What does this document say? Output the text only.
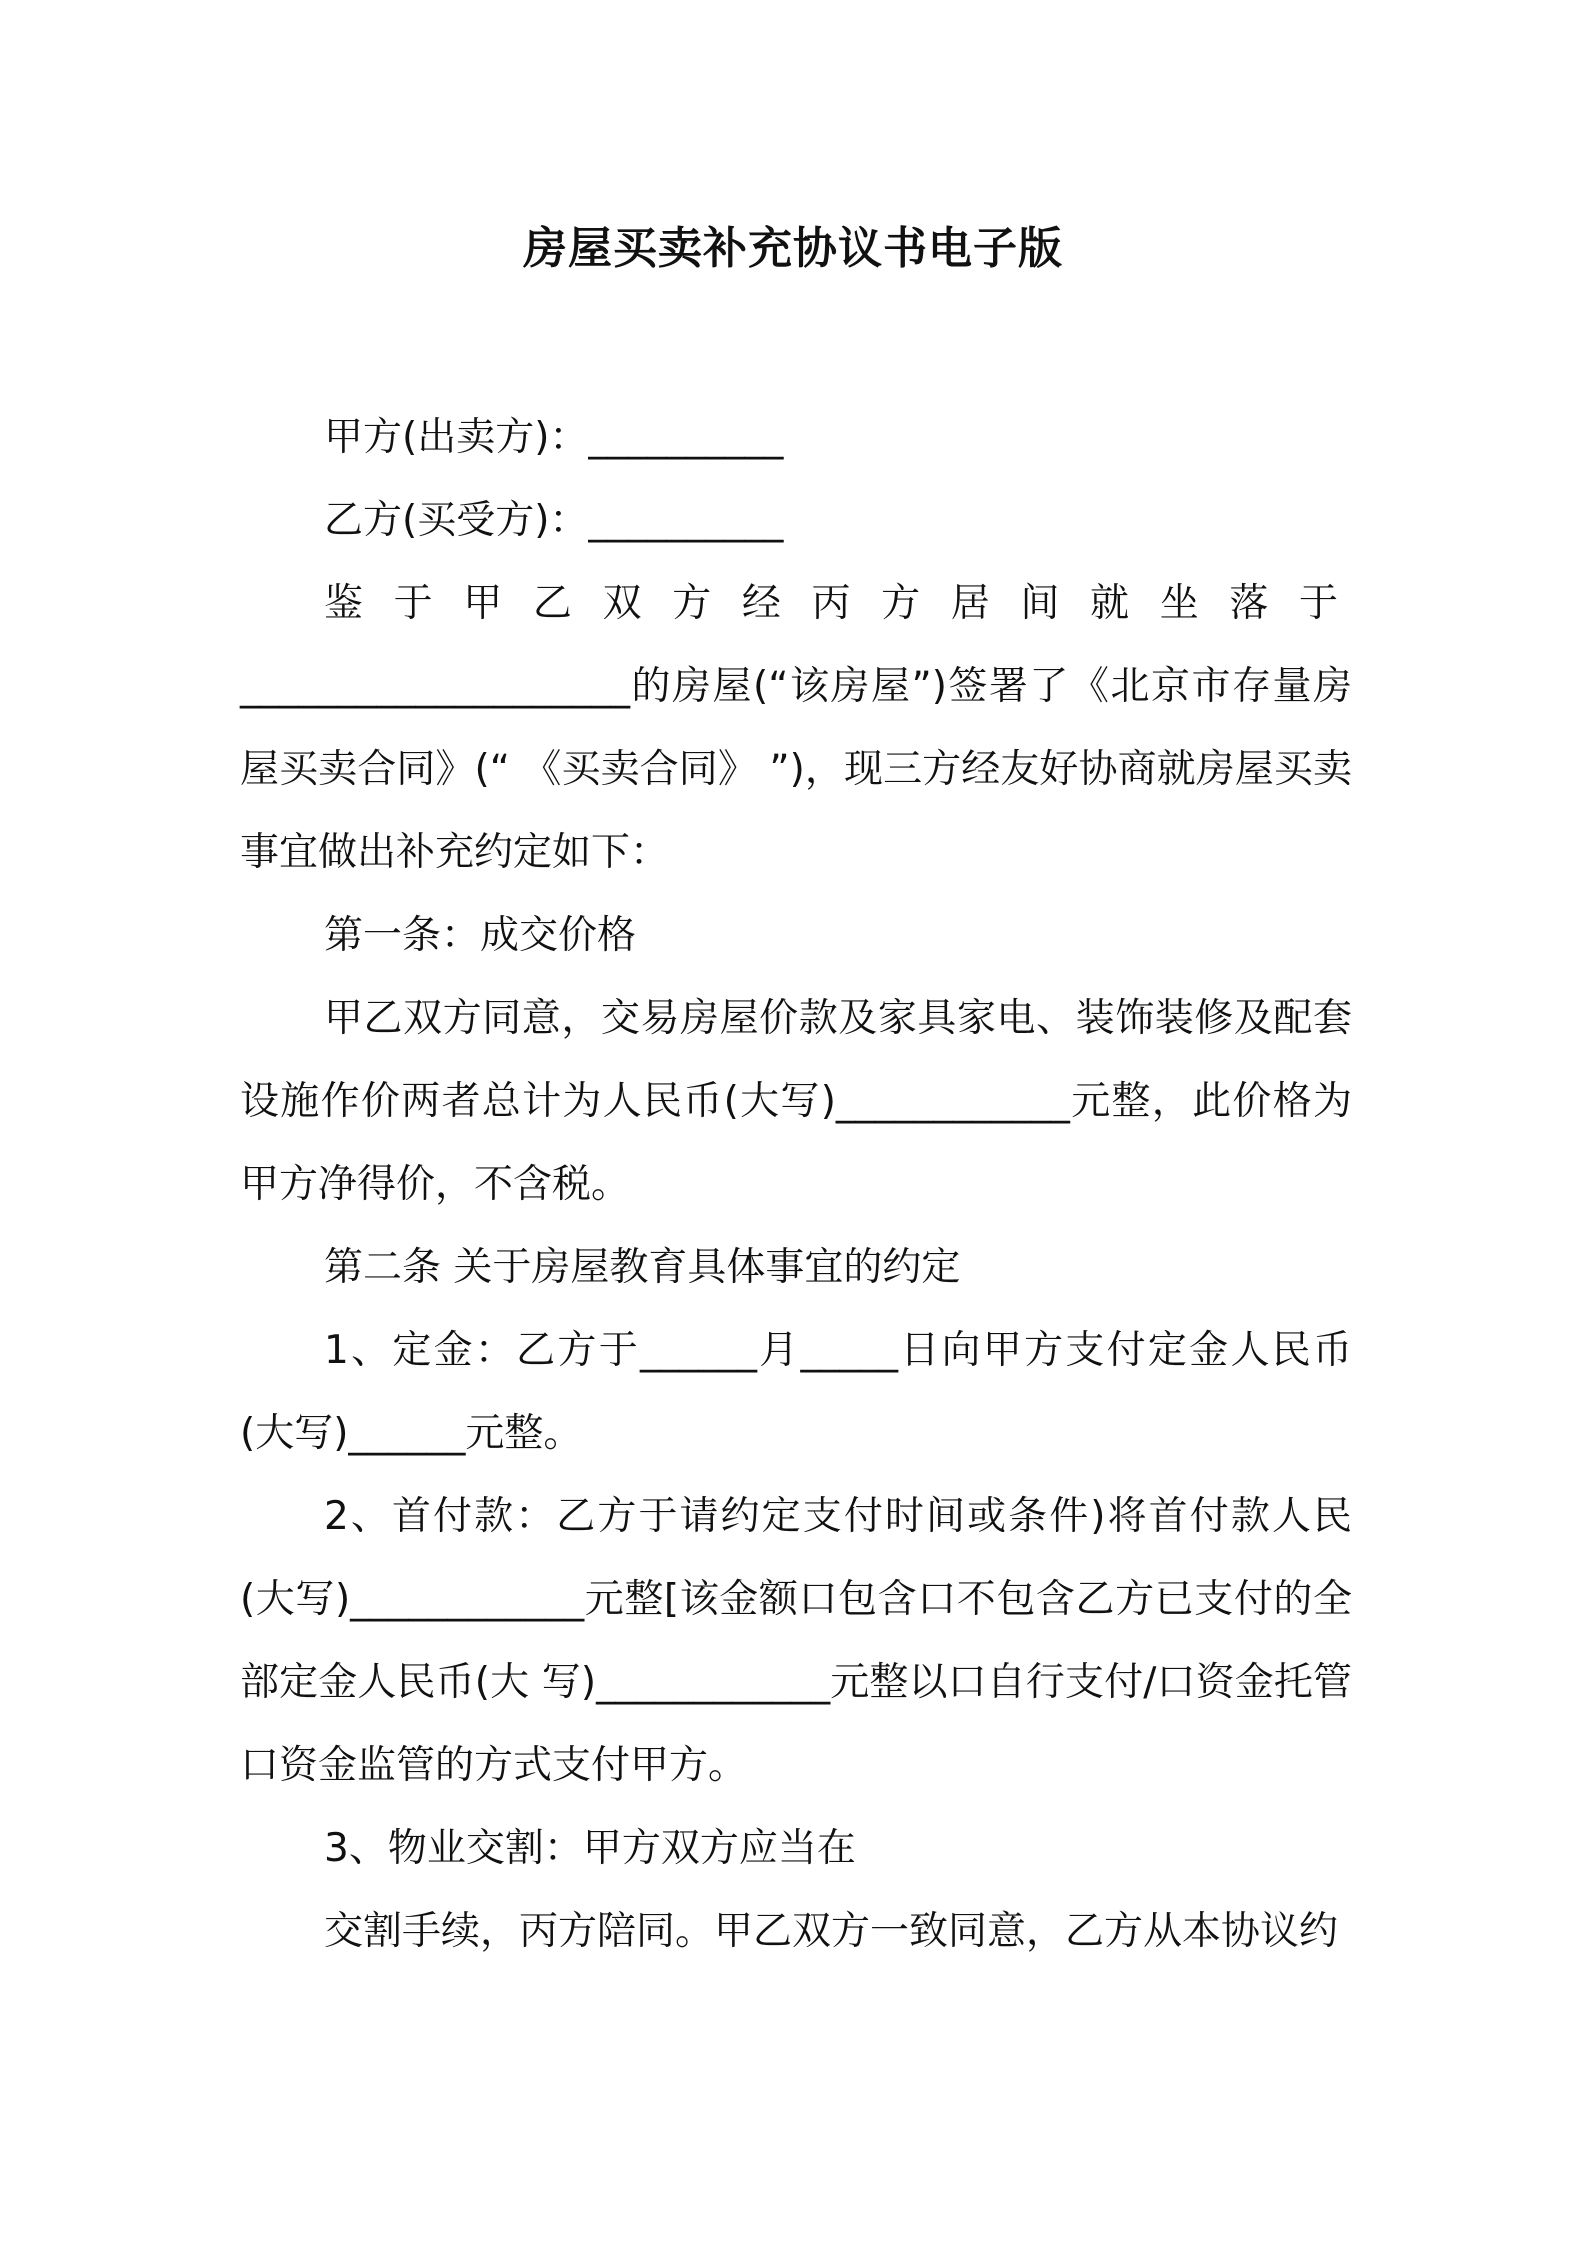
房屋买卖补充协议书电子版

甲方(出卖方)：__________

乙方(买受方)：__________

鉴于甲乙双方经丙方居间就坐落于

____________________的房屋(“该房屋”)签署了《北京市存量房屋买卖合同》(“ 《买卖合同》 ”)，现三方经友好协商就房屋买卖事宜做出补充约定如下：

第一条：成交价格

甲乙双方同意，交易房屋价款及家具家电、装饰装修及配套设施作价两者总计为人民币(大写)____________元整，此价格为甲方净得价，不含税。

第二条 关于房屋教育具体事宜的约定

1、定金：乙方于______月_____日向甲方支付定金人民币(大写)______元整。

2、首付款：乙方于请约定支付时间或条件)将首付款人民(大写)____________元整[该金额口包含口不包含乙方已支付的全部定金人民币(大 写)____________元整以口自行支付/口资金托管口资金监管的方式支付甲方。

3、物业交割：甲方双方应当在

交割手续，丙方陪同。甲乙双方一致同意，乙方从本协议约
